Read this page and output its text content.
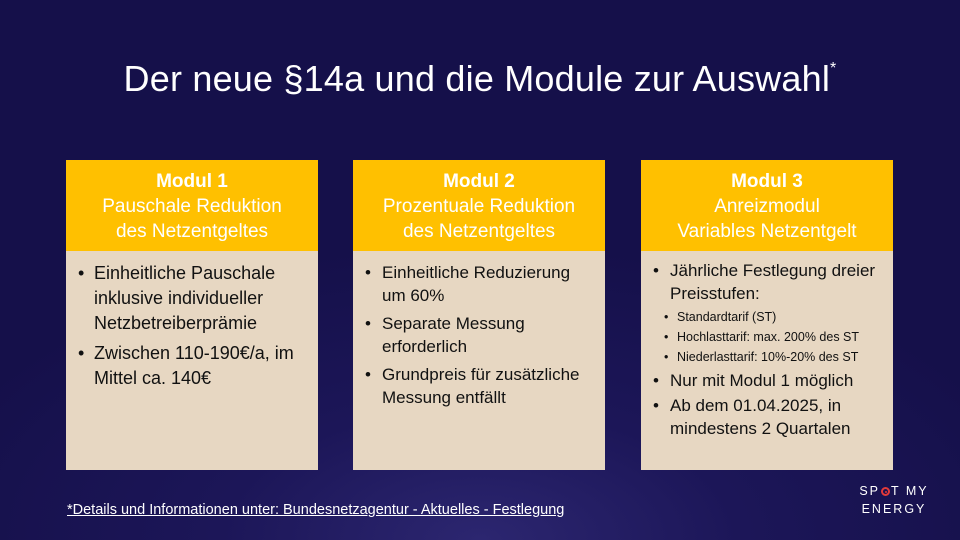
Der neue §14a und die Module zur Auswahl*
Modul 1
Pauschale Reduktion
des Netzentgeltes
• Einheitliche Pauschale inklusive individueller Netzbetreiberprämie
• Zwischen 110-190€/a, im Mittel ca. 140€
Modul 2
Prozentuale Reduktion
des Netzentgeltes
• Einheitliche Reduzierung um 60%
• Separate Messung erforderlich
• Grundpreis für zusätzliche Messung entfällt
Modul 3
Anreizmodul
Variables Netzentgelt
• Jährliche Festlegung dreier Preisstufen:
• Standardtarif (ST)
• Hochlasttarif: max. 200% des ST
• Niederlasttarif: 10%-20% des ST
• Nur mit Modul 1 möglich
• Ab dem 01.04.2025, in mindestens 2 Quartalen
*Details und Informationen unter: Bundesnetzagentur - Aktuelles - Festlegung
SP T MY
ENERGY
